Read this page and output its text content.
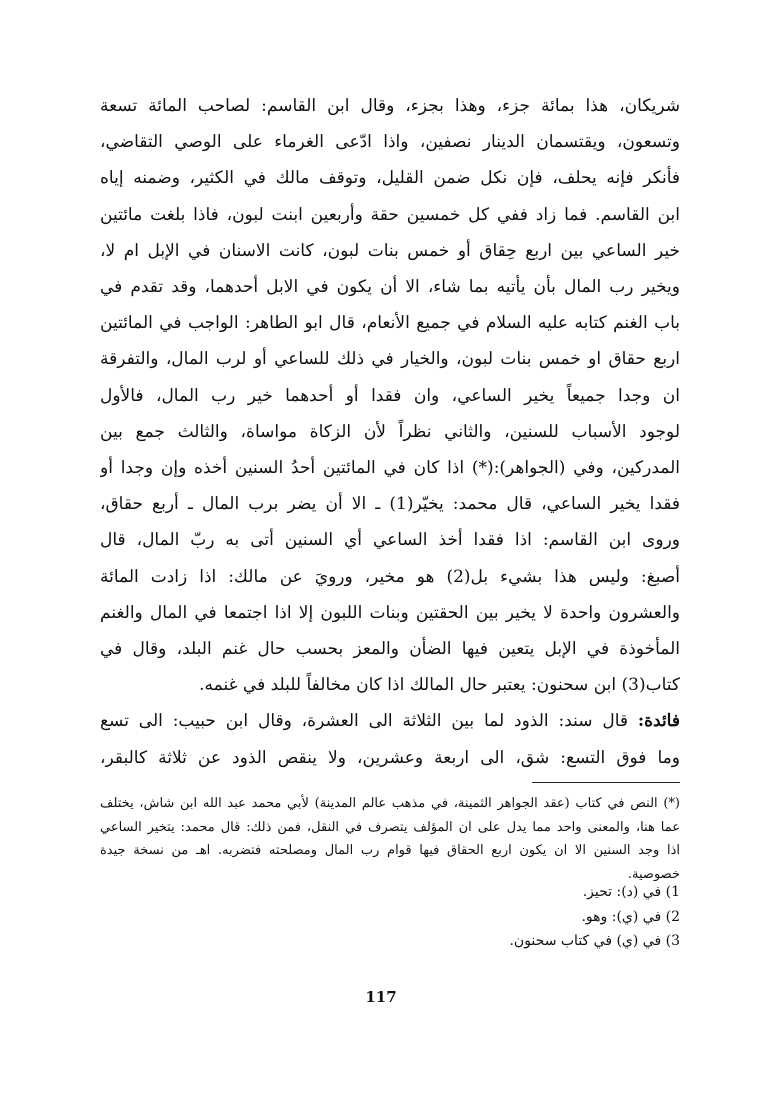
شريكان، هذا بمائة جزء، وهذا بجزء، وقال ابن القاسم: لصاحب المائة تسعة
وتسعون، ويقتسمان الدينار نصفين، واذا ادّعى الغرماء على الوصي التقاضي،
فأنكر فإنه يحلف، فإن نكل ضمن القليل، وتوقف مالك في الكثير، وضمنه إياه
ابن القاسم. فما زاد ففي كل خمسين حقة وأربعين ابنت لبون، فاذا بلغت مائتين
خير الساعي بين اربع حِقاق أو خمس بنات لبون، كانت الاسنان في الإبل ام لا،
ويخير رب المال بأن يأتيه بما شاء، الا أن يكون في الابل أحدهما، وقد تقدم في
باب الغنم كتابه عليه السلام في جميع الأنعام، قال ابو الطاهر: الواجب في المائتين
اربع حقاق او خمس بنات لبون، والخيار في ذلك للساعي أو لرب المال، والتفرقة
ان وجدا جميعاً يخير الساعي، وان فقدا أو أحدهما خير رب المال، فالأول
لوجود الأسباب للسنين، والثاني نظراً لأن الزكاة مواساة، والثالث جمع بين
المدركين، وفي (الجواهر):(*) اذا كان في المائتين أحدُ السنين أخذه وإن وجدا أو
فقدا يخير الساعي، قال محمد: يخيّر(1) ـ الا أن يضر برب المال ـ أربع حقاق،
وروى ابن القاسم: اذا فقدا أخذ الساعي أي السنين أتى به ربّ المال، قال
أصبغ: وليس هذا بشيء بل(2) هو مخير، ورويَ عن مالك: اذا زادت المائة
والعشرون واحدة لا يخير بين الحقتين وبنات اللبون إلا اذا اجتمعا في المال والغنم
المأخوذة في الإبل يتعين فيها الضأن والمعز بحسب حال غنم البلد، وقال في
كتاب(3) ابن سحنون: يعتبر حال المالك اذا كان مخالفاً للبلد في غنمه.
فائدة: قال سند: الذود لما بين الثلاثة الى العشرة، وقال ابن حبيب: الى تسع
وما فوق التسع: شق، الى اربعة وعشرين، ولا ينقص الذود عن ثلاثة كالبقر،
(*) النص في كتاب (عقد الجواهر الثمينة، في مذهب عالم المدينة) لأبي محمد عبد الله ابن شاش، يختلف
عما هنا، والمعنى واحد مما يدل على ان المؤلف يتصرف في النقل، فمن ذلك: قال محمد: يتخير الساعي
اذا وجد السنين الا ان يكون اربع الحقاق فيها قوام رب المال ومصلحته فتضربه. اهـ من نسخة جيدة
خصوصية.
1) في (د): تحيز.
2) في (ي): وهو.
3) في (ي) في كتاب سحنون.
117
